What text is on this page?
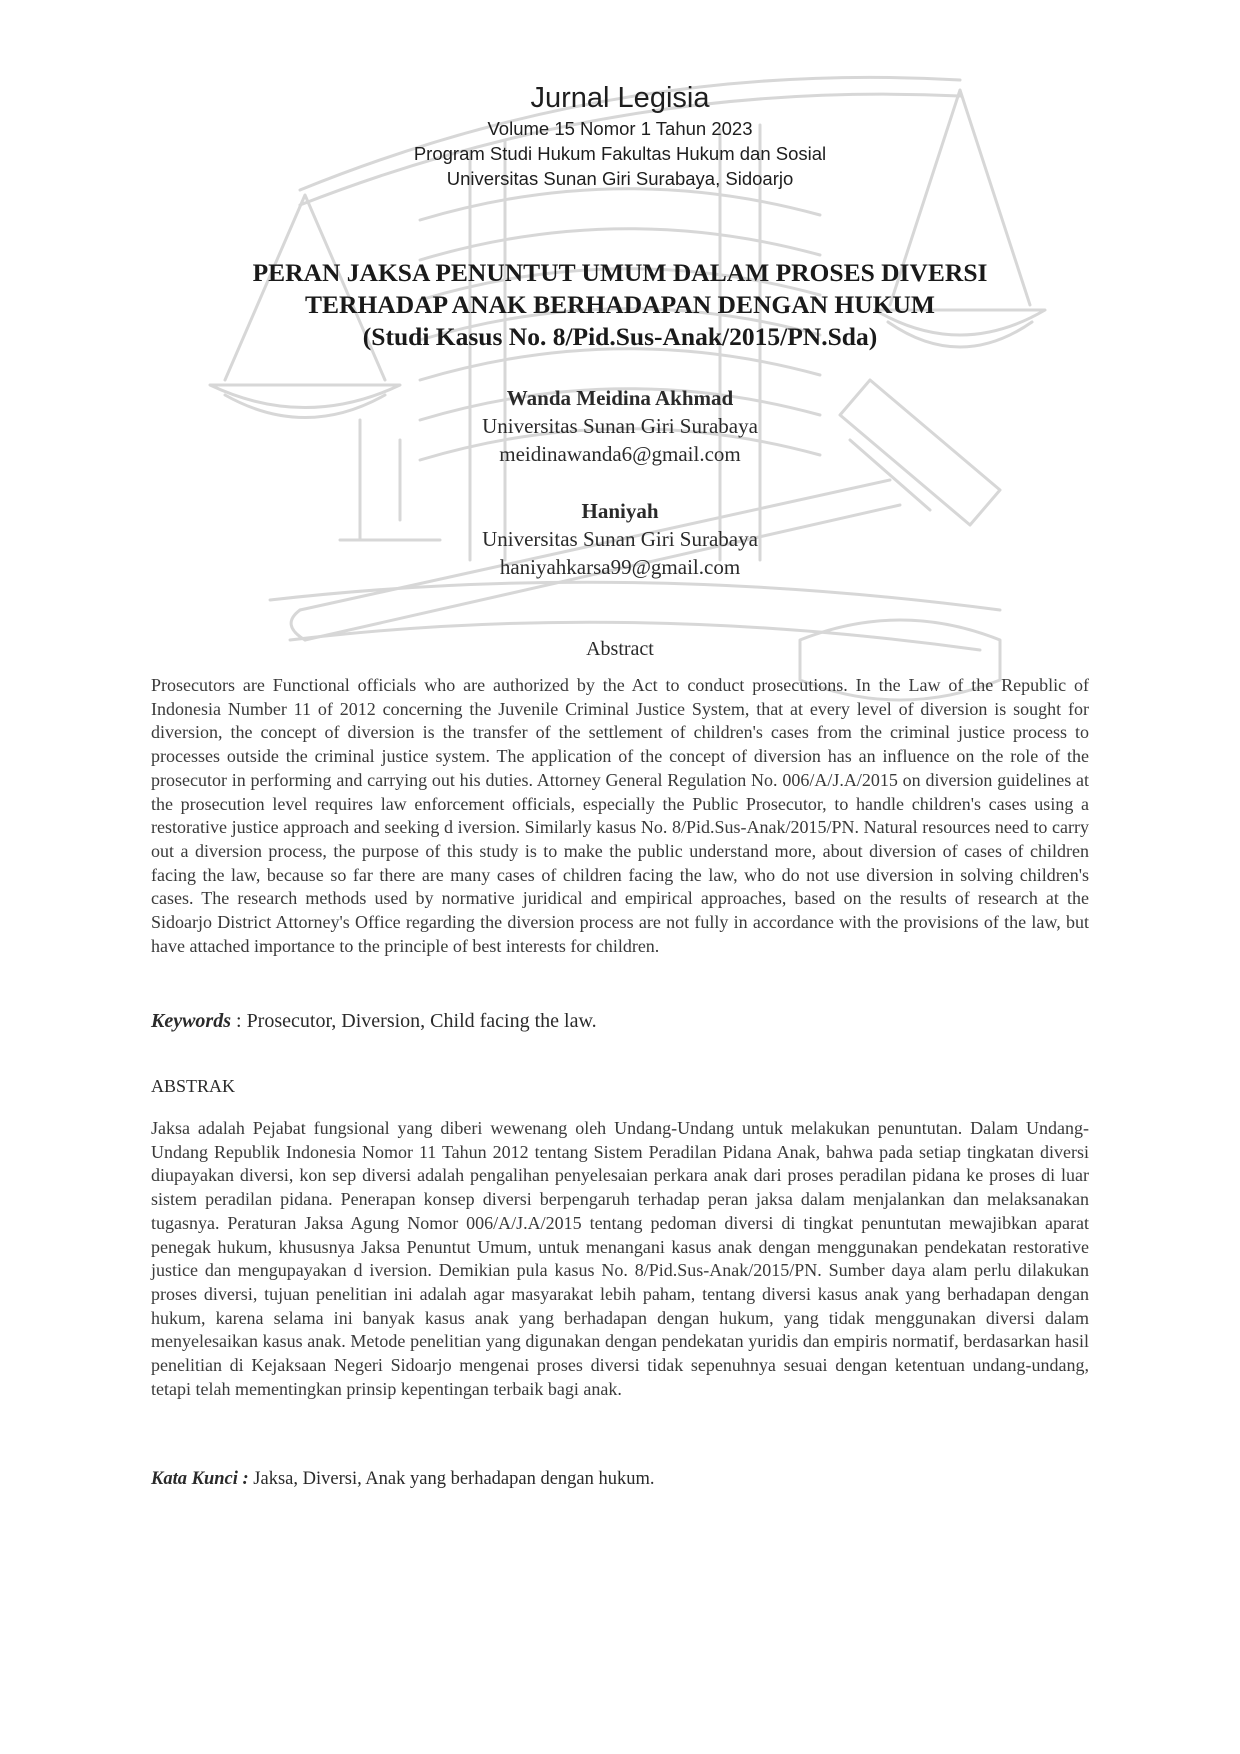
Jurnal Legisia
Volume 15 Nomor 1 Tahun 2023
Program Studi Hukum Fakultas Hukum dan Sosial
Universitas Sunan Giri Surabaya, Sidoarjo
PERAN JAKSA PENUNTUT UMUM DALAM PROSES DIVERSI
TERHADAP ANAK BERHADAPAN DENGAN HUKUM
(Studi Kasus No. 8/Pid.Sus-Anak/2015/PN.Sda)
Wanda Meidina Akhmad
Universitas Sunan Giri Surabaya
meidinawanda6@gmail.com
Haniyah
Universitas Sunan Giri Surabaya
haniyahkarsa99@gmail.com
Abstract
Prosecutors are Functional officials who are authorized by the Act to conduct prosecutions. In the Law of the Republic of Indonesia Number 11 of 2012 concerning the Juvenile Criminal Justice System, that at every level of diversion is sought for diversion, the concept of diversion is the transfer of the settlement of children's cases from the criminal justice process to processes outside the criminal justice system. The application of the concept of diversion has an influence on the role of the prosecutor in performing and carrying out his duties. Attorney General Regulation No. 006/A/J.A/2015 on diversion guidelines at the prosecution level requires law enforcement officials, especially the Public Prosecutor, to handle children's cases using a restorative justice approach and seeking d iversion. Similarly kasus No. 8/Pid.Sus-Anak/2015/PN. Natural resources need to carry out a diversion process, the purpose of this study is to make the public understand more, about diversion of cases of children facing the law, because so far there are many cases of children facing the law, who do not use diversion in solving children's cases. The research methods used by normative juridical and empirical approaches, based on the results of research at the Sidoarjo District Attorney's Office regarding the diversion process are not fully in accordance with the provisions of the law, but have attached importance to the principle of best interests for children.
Keywords : Prosecutor, Diversion, Child facing the law.
ABSTRAK
Jaksa adalah Pejabat fungsional yang diberi wewenang oleh Undang-Undang untuk melakukan penuntutan. Dalam Undang-Undang Republik Indonesia Nomor 11 Tahun 2012 tentang Sistem Peradilan Pidana Anak, bahwa pada setiap tingkatan diversi diupayakan diversi, kon sep diversi adalah pengalihan penyelesaian perkara anak dari proses peradilan pidana ke proses di luar sistem peradilan pidana. Penerapan konsep diversi berpengaruh terhadap peran jaksa dalam menjalankan dan melaksanakan tugasnya. Peraturan Jaksa Agung Nomor 006/A/J.A/2015 tentang pedoman diversi di tingkat penuntutan mewajibkan aparat penegak hukum, khususnya Jaksa Penuntut Umum, untuk menangani kasus anak dengan menggunakan pendekatan restorative justice dan mengupayakan d iversion. Demikian pula kasus No. 8/Pid.Sus-Anak/2015/PN. Sumber daya alam perlu dilakukan proses diversi, tujuan penelitian ini adalah agar masyarakat lebih paham, tentang diversi kasus anak yang berhadapan dengan hukum, karena selama ini banyak kasus anak yang berhadapan dengan hukum, yang tidak menggunakan diversi dalam menyelesaikan kasus anak. Metode penelitian yang digunakan dengan pendekatan yuridis dan empiris normatif, berdasarkan hasil penelitian di Kejaksaan Negeri Sidoarjo mengenai proses diversi tidak sepenuhnya sesuai dengan ketentuan undang-undang, tetapi telah mementingkan prinsip kepentingan terbaik bagi anak.
Kata Kunci : Jaksa, Diversi, Anak yang berhadapan dengan hukum.
